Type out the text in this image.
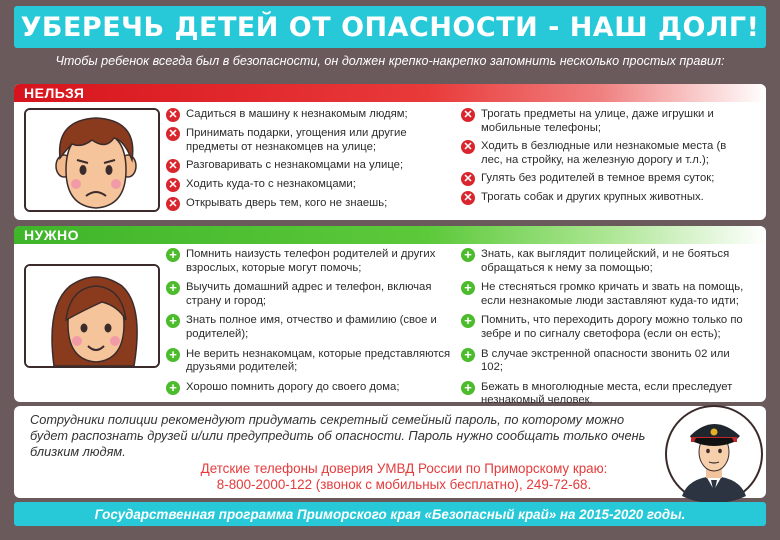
УБЕРЕЧЬ ДЕТЕЙ ОТ ОПАСНОСТИ - НАШ ДОЛГ!
Чтобы ребенок всегда был в безопасности, он должен крепко-накрепко запомнить несколько простых правил:
НЕЛЬЗЯ
✕ Садиться в машину к незнакомым людям;
✕ Принимать подарки, угощения или другие предметы от незнакомцев на улице;
✕ Разговаривать с незнакомцами на улице;
✕ Ходить куда-то с незнакомцами;
✕ Открывать дверь тем, кого не знаешь;
✕ Трогать предметы на улице, даже игрушки и мобильные телефоны;
✕ Ходить в безлюдные или незнакомые места (в лес, на стройку, на железную дорогу и т.л.);
✕ Гулять без родителей в темное время суток;
✕ Трогать собак и других крупных животных.
НУЖНО
+ Помнить наизусть телефон родителей и других взрослых, которые могут помочь;
+ Выучить домашний адрес и телефон, включая страну и город;
+ Знать полное имя, отчество и фамилию (свое и родителей);
+ Не верить незнакомцам, которые представляются друзьями родителей;
+ Хорошо помнить дорогу до своего дома;
+ Знать, как выглядит полицейский, и не бояться обращаться к нему за помощью;
+ Не стесняться громко кричать и звать на помощь, если незнакомые люди заставляют куда-то идти;
+ Помнить, что переходить дорогу можно только по зебре и по сигналу светофора (если он есть);
+ В случае экстренной опасности звонить 02 или 102;
+ Бежать в многолюдные места, если преследует незнакомый человек.
Сотрудники полиции рекомендуют придумать секретный семейный пароль, по которому можно будет распознать друзей и/или предупредить об опасности. Пароль нужно сообщать только очень близким людям.
Детские телефоны доверия УМВД России по Приморскому краю:
8-800-2000-122 (звонок с мобильных бесплатно), 249-72-68.
Государственная программа Приморского края «Безопасный край» на 2015-2020 годы.
